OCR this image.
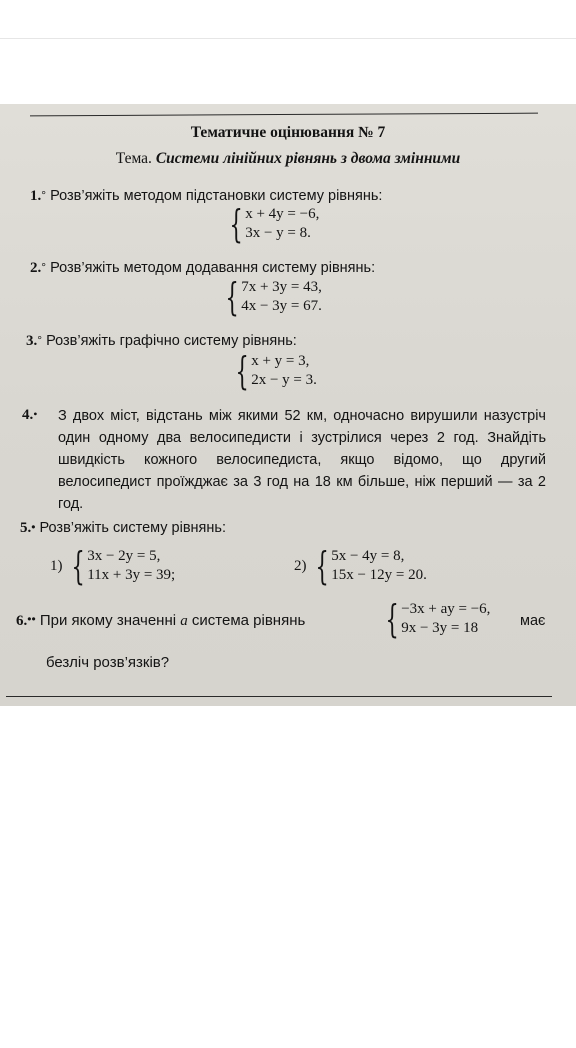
Тематичне оцінювання № 7
Тема. Системи лінійних рівнянь з двома змінними
1.° Розв’яжіть методом підстановки систему рівнянь:
{ x + 4y = −6,
3x − y = 8.
2.° Розв’яжіть методом додавання систему рівнянь:
{ 7x + 3y = 43,
4x − 3y = 67.
3.° Розв’яжіть графічно систему рівнянь:
{ x + y = 3,
2x − y = 3.
4.• З двох міст, відстань між якими 52 км, одночасно вирушили назустріч один одному два велосипедисти і зустрілися через 2 год. Знайдіть швидкість кожного велосипедиста, якщо відомо, що другий велосипедист проїжджає за 3 год на 18 км більше, ніж перший — за 2 год.
5.• Розв’яжіть систему рівнянь:
1) { 3x − 2y = 5,
11x + 3y = 39;
2) { 5x − 4y = 8,
15x − 12y = 20.
6.•• При якому значенні a система рівнянь { −3x + ay = −6,
9x − 3y = 18	має
безліч розв’язків?
